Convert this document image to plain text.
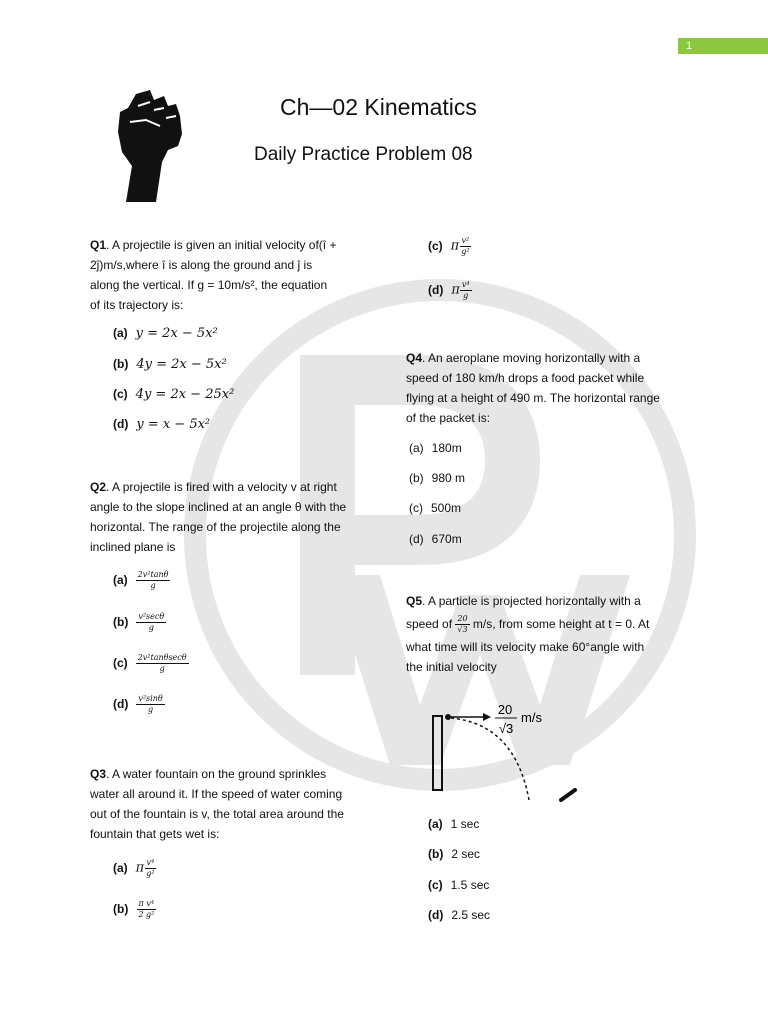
1
Ch—02 Kinematics
Daily Practice Problem 08
Q1. A projectile is given an initial velocity of(î +
2ĵ)m/s,where î is along the ground and ĵ is
along the vertical. If g = 10m/s², the equation
of its trajectory is:
(a) y = 2x − 5x²
(b) 4y = 2x − 5x²
(c) 4y = 2x − 25x²
(d) y = x − 5x²
Q2. A projectile is fired with a velocity v at right
angle to the slope inclined at an angle θ with the
horizontal. The range of the projectile along the
inclined plane is
$(a) \frac{\text{2v²tanθ}}{g}$
$(b) \frac{\text{v²secθ}}{g}$
$(c) \frac{\text{2v²tanθsecθ}}{g}$
$(d) \frac{\text{v²sinθ}}{g}$
Q3. A water fountain on the ground sprinkles
water all around it. If the speed of water coming
out of the fountain is v, the total area around the
fountain that gets wet is:
(a) π $\frac{\text{v⁴}}{\text{g²}}$
$(b) \frac{\text{π v⁴}}{\text{2 g²}}$
(c) π $\frac{\text{v²}}{\text{g²}}$
(d) π $\frac{\text{v⁴}}{g}$
Q4. An aeroplane moving horizontally with a
speed of 180 km/h drops a food packet while
flying at a height of 490 m. The horizontal range
of the packet is:
(a) 180m
(b) 980 m
(c) 500m
(d) 670m
Q5. A particle is projected horizontally with a
speed of $\frac{20}{√3} m/s$, from some height at t = 0. At
what time will its velocity make 60°angle with
the initial velocity
20
√3
m/s
(a) 1 sec
(b) 2 sec
(c) 1.5 sec
(d) 2.5 sec
